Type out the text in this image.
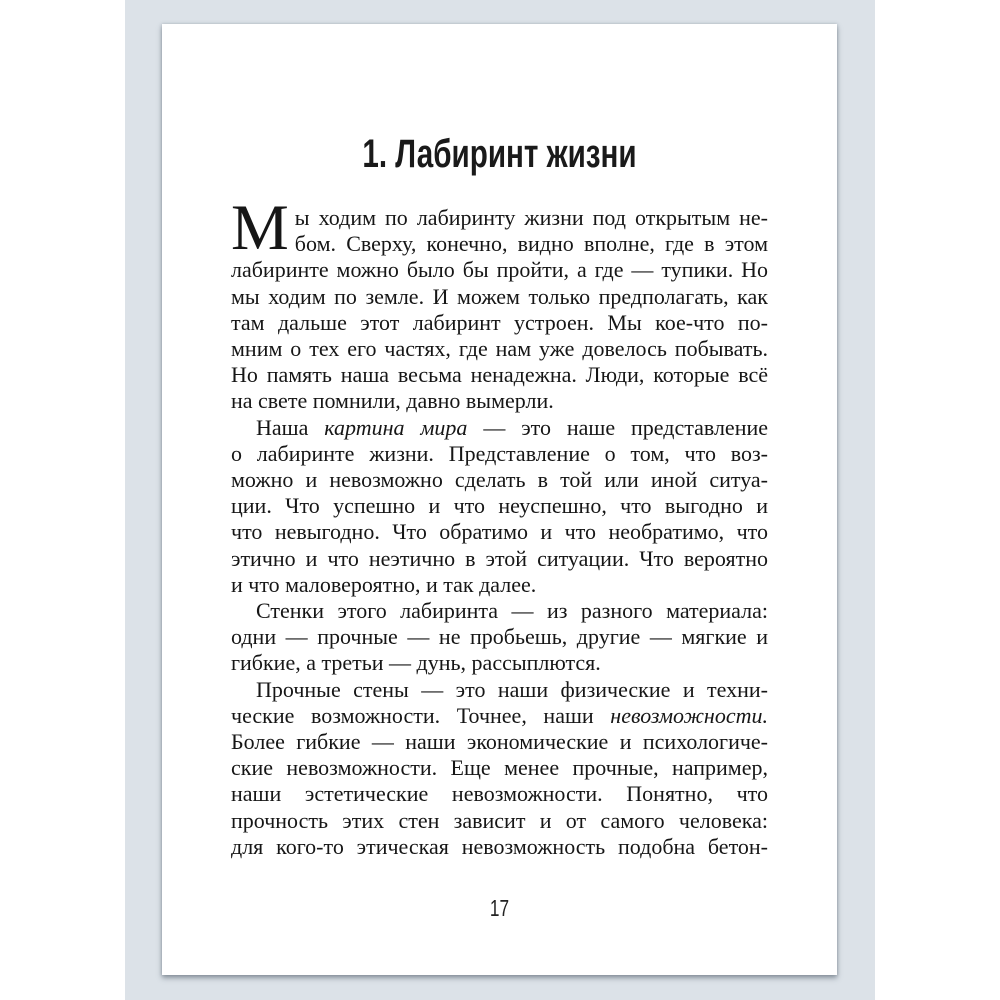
1. Лабиринт жизни
М ы ходим по лабиринту жизни под открытым не-
бом. Сверху, конечно, видно вполне, где в этом
лабиринте можно было бы пройти, а где — тупики. Но
мы ходим по земле. И можем только предполагать, как
там дальше этот лабиринт устроен. Мы кое-что по-
мним о тех его частях, где нам уже довелось побывать.
Но память наша весьма ненадежна. Люди, которые всё
на свете помнили, давно вымерли.
Наша картина мира — это наше представление
о лабиринте жизни. Представление о том, что воз-
можно и невозможно сделать в той или иной ситуа-
ции. Что успешно и что неуспешно, что выгодно и
что невыгодно. Что обратимо и что необратимо, что
этично и что неэтично в этой ситуации. Что вероятно
и что маловероятно, и так далее.
Стенки этого лабиринта — из разного материала:
одни — прочные — не пробьешь, другие — мягкие и
гибкие, а третьи — дунь, рассыплются.
Прочные стены — это наши физические и техни-
ческие возможности. Точнее, наши невозможности.
Более гибкие — наши экономические и психологиче-
ские невозможности. Еще менее прочные, например,
наши эстетические невозможности. Понятно, что
прочность этих стен зависит и от самого человека:
для кого-то этическая невозможность подобна бетон-
17
